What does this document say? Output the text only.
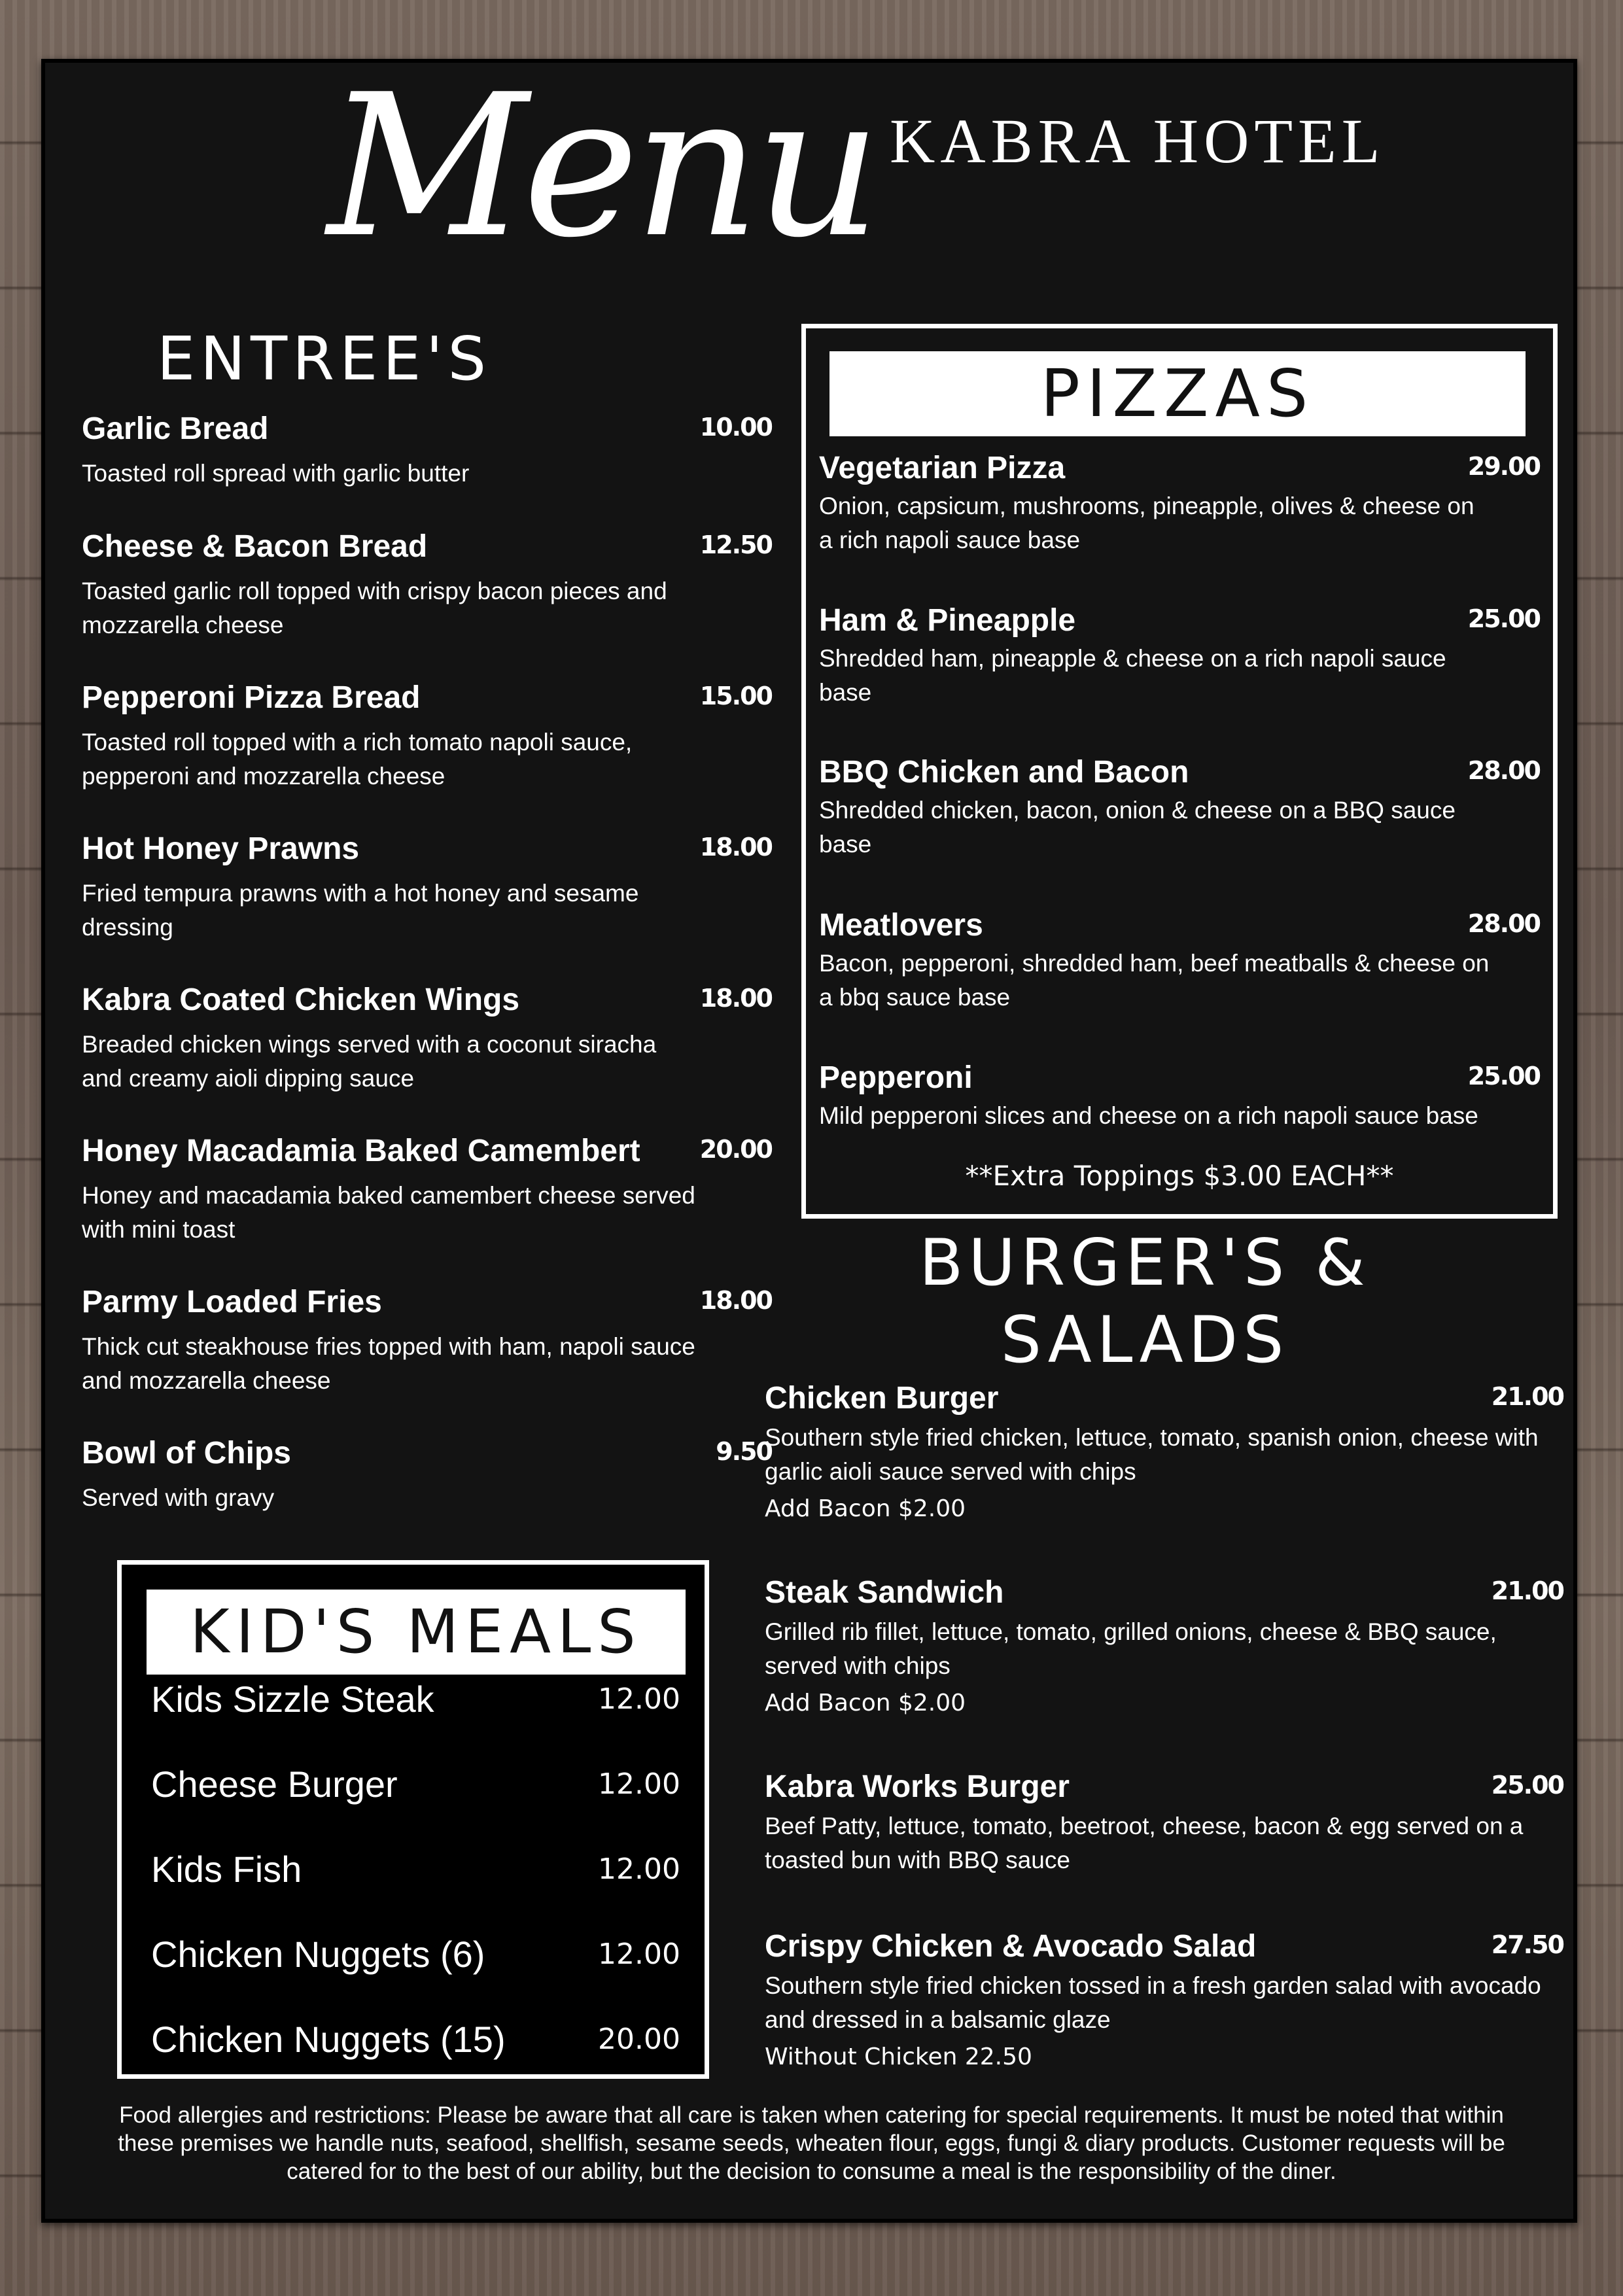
Menu KABRA HOTEL
ENTREE'S	PIZZAS
**Extra Toppings $3.00 EACH**
BURGER'S &
SALADS
KID'S MEALS
Food allergies and restrictions: Please be aware that all care is taken when catering for special requirements. It must be noted that within these premises we handle nuts, seafood, shellfish, sesame seeds, wheaten flour, eggs, fungi & diary products. Customer requests will be catered for to the best of our ability, but the decision to consume a meal is the responsibility of the diner.
Garlic Bread	10.00
Toasted roll spread with garlic butter
Cheese & Bacon Bread	12.50
Toasted garlic roll topped with crispy bacon pieces and mozzarella cheese
Pepperoni Pizza Bread	15.00
Toasted roll topped with a rich tomato napoli sauce, pepperoni and mozzarella cheese
Hot Honey Prawns	18.00
Fried tempura prawns with a hot honey and sesame dressing
Kabra Coated Chicken Wings	18.00
Breaded chicken wings served with a coconut siracha and creamy aioli dipping sauce
Honey Macadamia Baked Camembert 20.00
Honey and macadamia baked camembert cheese served with mini toast
Parmy Loaded Fries	18.00
Thick cut steakhouse fries topped with ham, napoli sauce and mozzarella cheese
Bowl of Chips	9.50
Served with gravy
Vegetarian Pizza	29.00
Onion, capsicum, mushrooms, pineapple, olives & cheese on a rich napoli sauce base
Ham & Pineapple	25.00
Shredded ham, pineapple & cheese on a rich napoli sauce base
BBQ Chicken and Bacon	28.00
Shredded chicken, bacon, onion & cheese on a BBQ sauce base
Meatlovers	28.00
Bacon, pepperoni, shredded ham, beef meatballs & cheese on a bbq sauce base
Pepperoni	25.00
Mild pepperoni slices and cheese on a rich napoli sauce base
Chicken Burger	21.00
Southern style fried chicken, lettuce, tomato, spanish onion, cheese with garlic aioli sauce served with chips
Add Bacon $2.00
Steak Sandwich	21.00
Grilled rib fillet, lettuce, tomato, grilled onions, cheese & BBQ sauce, served with chips
Add Bacon $2.00
Kabra Works Burger	25.00
Beef Patty, lettuce, tomato, beetroot, cheese, bacon & egg served on a toasted bun with BBQ sauce
Crispy Chicken & Avocado Salad	27.50
Southern style fried chicken tossed in a fresh garden salad with avocado and dressed in a balsamic glaze
Without Chicken 22.50
Kids Sizzle Steak	12.00
Cheese Burger	12.00
Kids Fish	12.00
Chicken Nuggets (6)	12.00
Chicken Nuggets (15)	20.00
